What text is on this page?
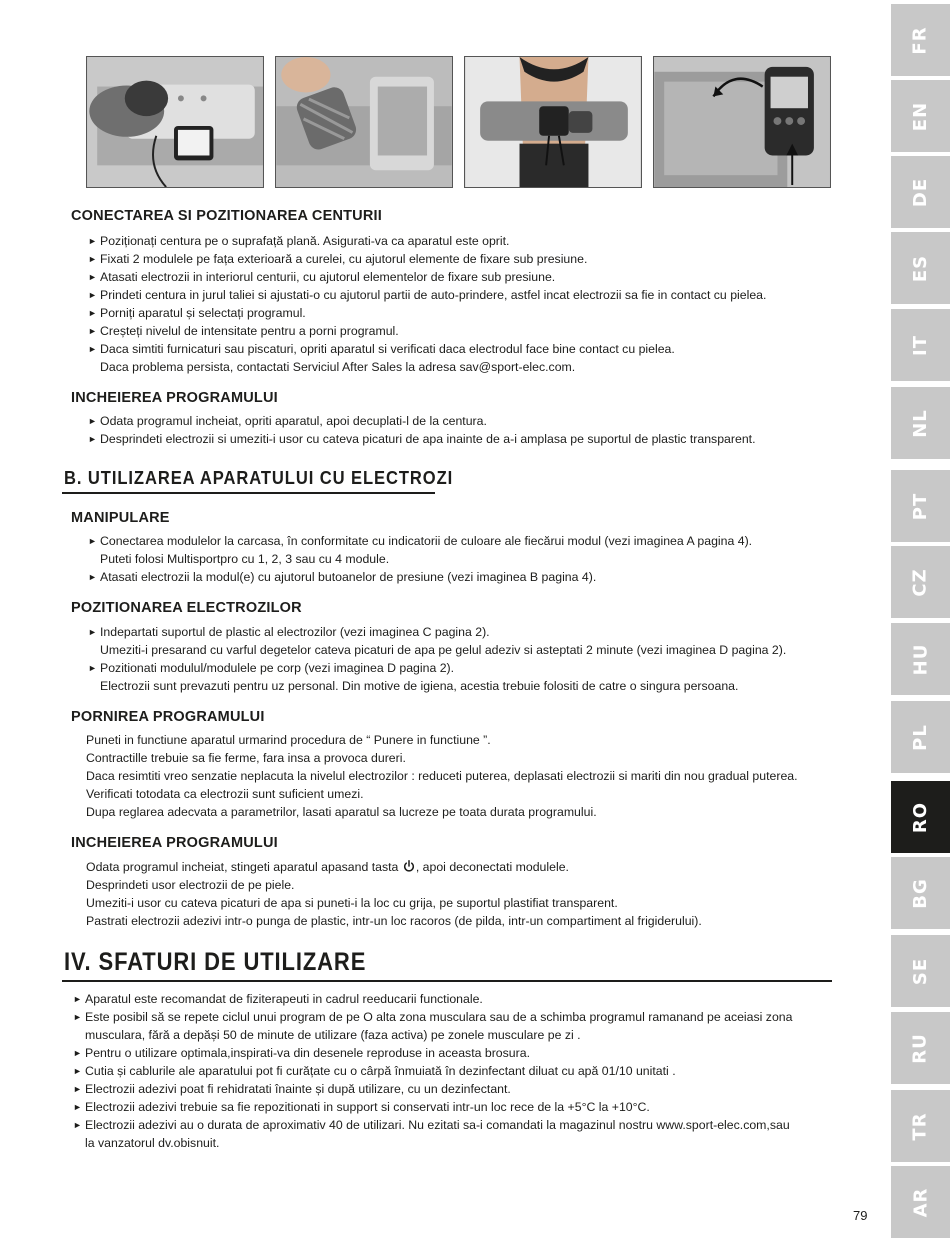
CONECTAREA SI POZITIONAREA CENTURII
► Poziționați centura pe o suprafață plană. Asigurati-va ca aparatul este oprit.
► Fixati 2 modulele pe fața exterioară a curelei, cu ajutorul elemente de fixare sub presiune.
► Atasati electrozii in interiorul centurii, cu ajutorul elementelor de fixare sub presiune.
► Prindeti centura in jurul taliei si ajustati-o cu ajutorul partii de auto-prindere, astfel incat electrozii sa fie in contact cu pielea.
► Porniți aparatul și selectați programul.
► Creșteți nivelul de intensitate pentru a porni programul.
► Daca simtiti furnicaturi sau piscaturi, opriti aparatul si verificati daca electrodul face bine contact cu pielea.
Daca problema persista, contactati Serviciul After Sales la adresa sav@sport-elec.com.
INCHEIEREA PROGRAMULUI
► Odata programul incheiat, opriti aparatul, apoi decuplati-l de la centura.
► Desprindeti electrozii si umeziti-i usor cu cateva picaturi de apa inainte de a-i amplasa pe suportul de plastic transparent.
B. UTILIZAREA APARATULUI CU ELECTROZI
MANIPULARE
► Conectarea modulelor la carcasa, în conformitate cu indicatorii de culoare ale fiecărui modul (vezi imaginea A pagina 4).
Puteti folosi Multisportpro cu 1, 2, 3 sau cu 4 module.
► Atasati electrozii la modul(e) cu ajutorul butoanelor de presiune (vezi imaginea B pagina 4).
POZITIONAREA ELECTROZILOR
► Indepartati suportul de plastic al electrozilor (vezi imaginea C pagina 2).
Umeziti-i presarand cu varful degetelor cateva picaturi de apa pe gelul adeziv si asteptati 2 minute (vezi imaginea D pagina 2).
► Pozitionati modulul/modulele pe corp (vezi imaginea D pagina 2).
Electrozii sunt prevazuti pentru uz personal. Din motive de igiena, acestia trebuie folositi de catre o singura persoana.
PORNIREA PROGRAMULUI
Puneti in functiune aparatul urmarind procedura de “ Punere in functiune ”.
Contractille trebuie sa fie ferme, fara insa a provoca dureri.
Daca resimtiti vreo senzatie neplacuta la nivelul electrozilor : reduceti puterea, deplasati electrozii si mariti din nou gradual puterea.
Verificati totodata ca electrozii sunt suficient umezi.
Dupa reglarea adecvata a parametrilor, lasati aparatul sa lucreze pe toata durata programului.
INCHEIEREA PROGRAMULUI
Odata programul incheiat, stingeti aparatul apasand tasta , apoi deconectati modulele.
Desprindeti usor electrozii de pe piele.
Umeziti-i usor cu cateva picaturi de apa si puneti-i la loc cu grija, pe suportul plastifiat transparent.
Pastrati electrozii adezivi intr-o punga de plastic, intr-un loc racoros (de pilda, intr-un compartiment al frigiderului).
IV. SFATURI DE UTILIZARE
► Aparatul este recomandat de fiziterapeuti in cadrul reeducarii functionale.
► Este posibil să se repete ciclul unui program de pe O alta zona musculara sau de a schimba programul ramanand pe aceiasi zona
musculara, fără a depăși 50 de minute de utilizare (faza activa) pe zonele musculare pe zi .
► Pentru o utilizare optimala,inspirati-va din desenele reproduse in aceasta brosura.
► Cutia și cablurile ale aparatului pot fi curățate cu o cârpă înmuiată în dezinfectant diluat cu apă 01/10 unitati .
► Electrozii adezivi poat fi rehidratati înainte și după utilizare, cu un dezinfectant.
► Electrozii adezivi trebuie sa fie repozitionati in support si conservati intr-un loc rece de la +5°C la +10°C.
► Electrozii adezivi au o durata de aproximativ 40 de utilizari. Nu ezitati sa-i comandati la magazinul nostru www.sport-elec.com,sau
la vanzatorul dv.obisnuit.
FR
EN
DE
ES
IT
NL
PT
CZ
HU
PL
RO
BG
SE
RU
TR
AR
79
